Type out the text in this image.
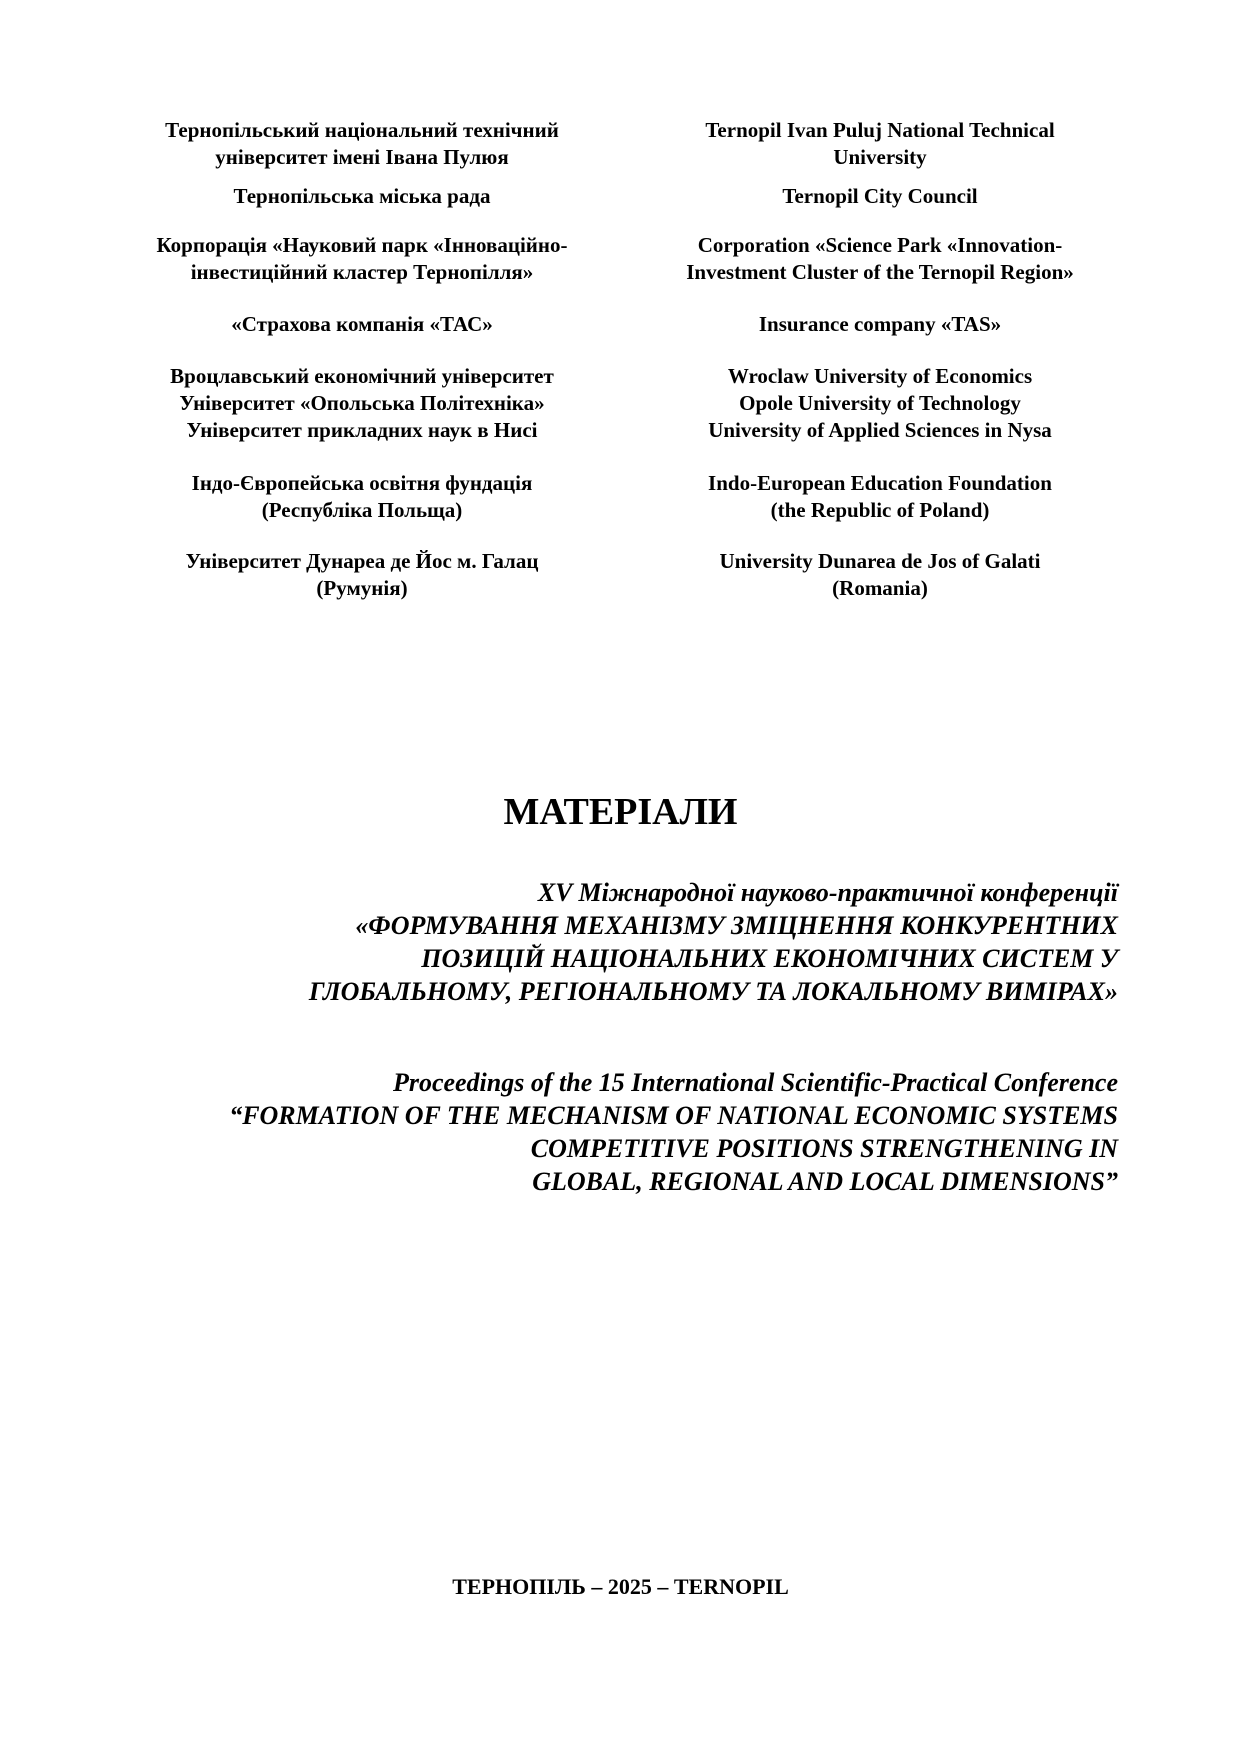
Тернопільський національний технічний
університет імені Івана Пулюя
Ternopil Ivan Puluj National Technical
University
Тернопільська міська рада	Ternopil City Council
Корпорація «Науковий парк «Інноваційно-
інвестиційний кластер Тернопілля»
Corporation «Science Park «Innovation-
Investment Cluster of the Ternopil Region»
«Страхова компанія «ТАС»	Insurance company «TAS»
Вроцлавський економічний університет
Університет «Опольська Політехніка»
Університет прикладних наук в Нисі
Wroclaw University of Economics
Opole University of Technology
University of Applied Sciences in Nysa
Індо-Європейська освітня фундація
(Республіка Польща)
Indo-European Education Foundation
(the Republic of Poland)
Університет Дунареа де Йос м. Галац
(Румунія)
University Dunarea de Jos of Galati
(Romania)
МАТЕРІАЛИ
XV Міжнародної науково-практичної конференції
«ФОРМУВАННЯ МЕХАНІЗМУ ЗМІЦНЕННЯ КОНКУРЕНТНИХ
ПОЗИЦІЙ НАЦІОНАЛЬНИХ ЕКОНОМІЧНИХ СИСТЕМ У
ГЛОБАЛЬНОМУ, РЕГІОНАЛЬНОМУ ТА ЛОКАЛЬНОМУ ВИМІРАХ»
Proceedings of the 15 International Scientific-Practical Conference
“FORMATION OF THE MECHANISM OF NATIONAL ECONOMIC SYSTEMS
COMPETITIVE POSITIONS STRENGTHENING IN
GLOBAL, REGIONAL AND LOCAL DIMENSIONS”
ТЕРНОПІЛЬ – 2025 – TERNOPIL
